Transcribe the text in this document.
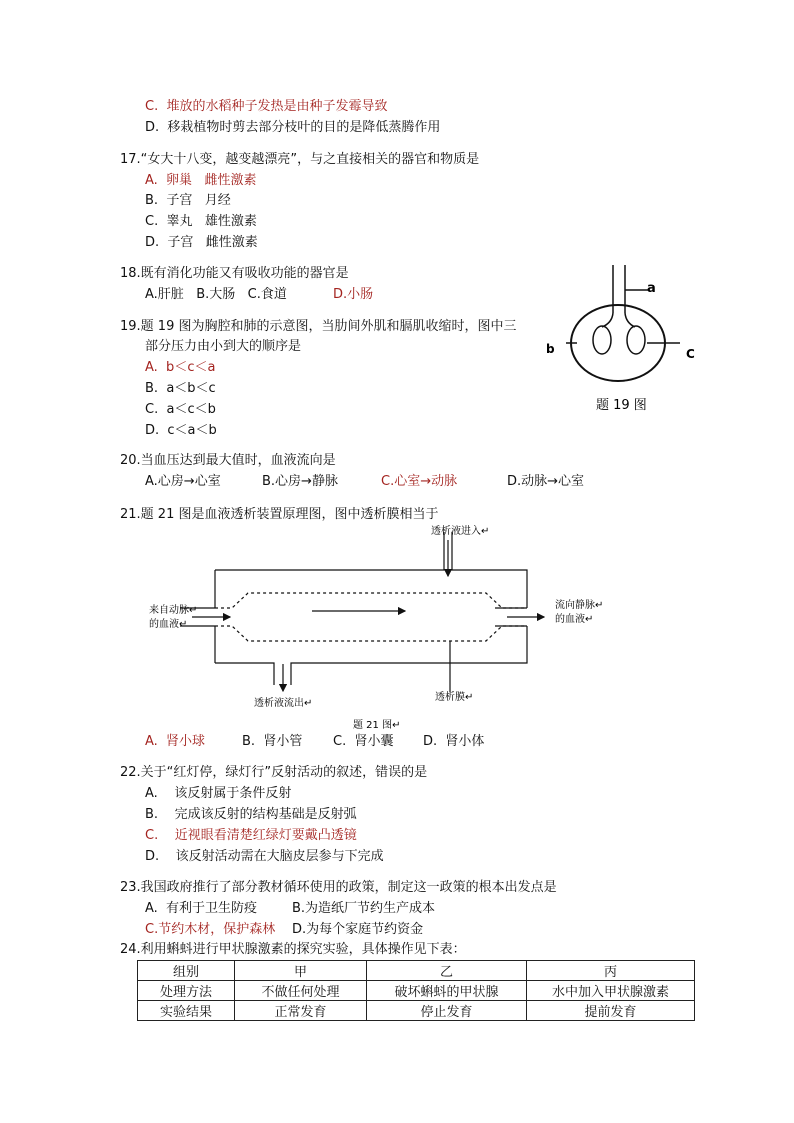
C.  堆放的水稻种子发热是由种子发霉导致
D.  移栽植物时剪去部分枝叶的目的是降低蒸腾作用
17.“女大十八变，越变越漂亮”，与之直接相关的器官和物质是
A.  卵巢   雌性激素
B.  子宫   月经
C.  睾丸   雄性激素
D.  子宫   雌性激素
18.既有消化功能又有吸收功能的器官是
A.肝脏   B.大肠   C.食道	D.小肠
19.题 19 图为胸腔和肺的示意图，当肋间外肌和膈肌收缩时，图中三
部分压力由小到大的顺序是
A.  b＜c＜a
B.  a＜b＜c
C.  a＜c＜b
D.  c＜a＜b
a
b	C
题 19 图
20.当血压达到最大值时，血液流向是
A.心房→心室	B.心房→静脉	C.心室→动脉	D.动脉→心室
21.题 21 图是血液透析装置原理图，图中透析膜相当于
透析液进入↵
来自动脉↵
的血液↵
流向静脉↵
的血液↵
透析液流出↵
透析膜↵
题 21 图↵
A.  肾小球	B.  肾小管 C.  肾小囊 D.  肾小体
22.关于“红灯停，绿灯行”反射活动的叙述，错误的是
A.    该反射属于条件反射
B.    完成该反射的结构基础是反射弧
C.    近视眼看清楚红绿灯要戴凸透镜
D.    该反射活动需在大脑皮层参与下完成
23.我国政府推行了部分教材循环使用的政策，制定这一政策的根本出发点是
A.  有利于卫生防疫	B.为造纸厂节约生产成本
C.节约木材，保护森林 D.为每个家庭节约资金
24.利用蝌蚪进行甲状腺激素的探究实验，具体操作见下表：
组别	甲	乙	丙
处理方法	不做任何处理	破坏蝌蚪的甲状腺	水中加入甲状腺激素
实验结果	正常发育	停止发育	提前发育
